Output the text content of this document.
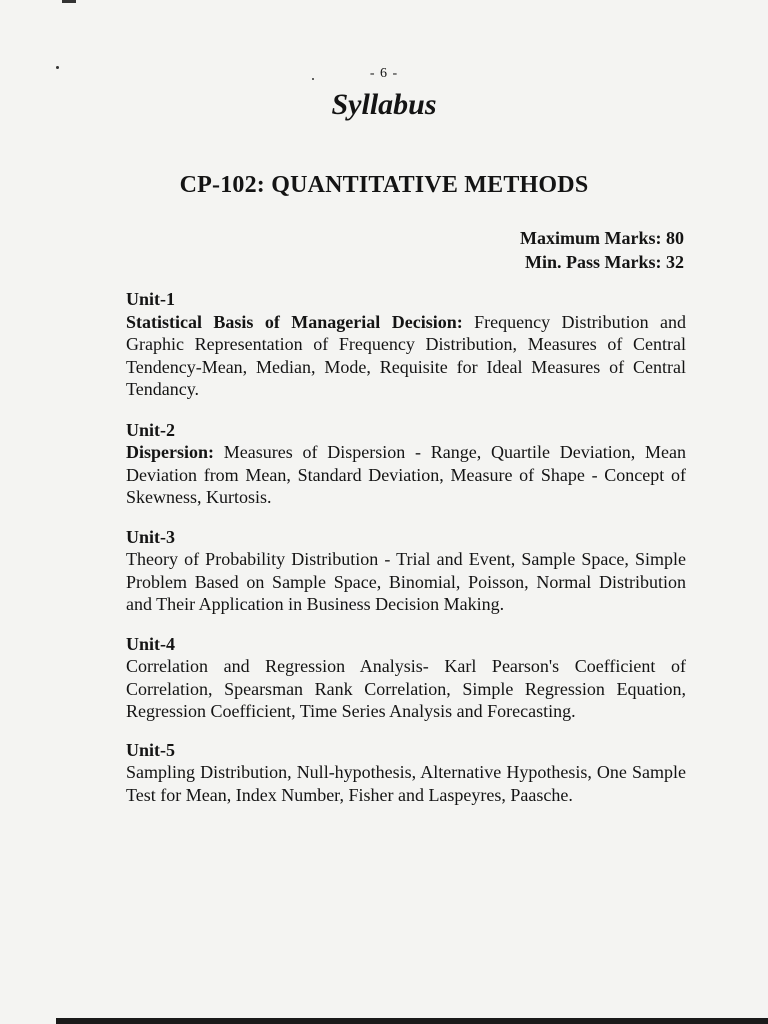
- 6 -
Syllabus
CP-102: QUANTITATIVE METHODS
Maximum Marks: 80
Min. Pass Marks: 32
Unit-1
Statistical Basis of Managerial Decision: Frequency Distribution and Graphic Representation of Frequency Distribution, Measures of Central Tendency-Mean, Median, Mode, Requisite for Ideal Measures of Central Tendancy.
Unit-2
Dispersion: Measures of Dispersion - Range, Quartile Deviation, Mean Deviation from Mean, Standard Deviation, Measure of Shape - Concept of Skewness, Kurtosis.
Unit-3
Theory of Probability Distribution - Trial and Event, Sample Space, Simple Problem Based on Sample Space, Binomial, Poisson, Normal Distribution and Their Application in Business Decision Making.
Unit-4
Correlation and Regression Analysis- Karl Pearson's Coefficient of Correlation, Spearsman Rank Correlation, Simple Regression Equation, Regression Coefficient, Time Series Analysis and Forecasting.
Unit-5
Sampling Distribution, Null-hypothesis, Alternative Hypothesis, One Sample Test for Mean, Index Number, Fisher and Laspeyres, Paasche.
